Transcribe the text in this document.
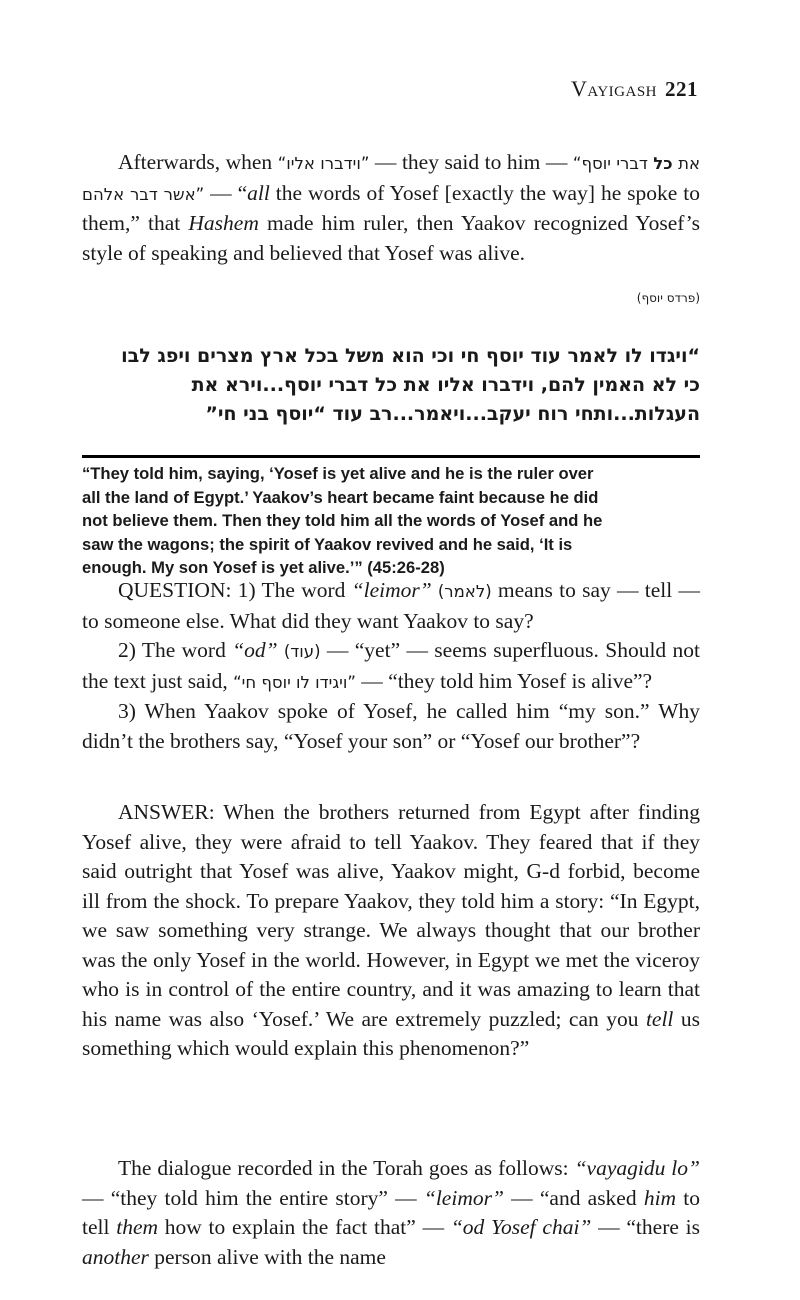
Vayigash 221

Afterwards, when “וידברו אליו” — they said to him — “את כל דברי יוסף אשר דבר אלהם” — “all the words of Yosef [exactly the way] he spoke to them,” that Hashem made him ruler, then Yaakov recognized Yosef’s style of speaking and believed that Yosef was alive.

(פרדס יוסף)
“ויגדו לו לאמר עוד יוסף חי וכי הוא משל בכל ארץ מצרים ויפג לבו
כי לא האמין להם, וידברו אליו את כל דברי יוסף...וירא את
העגלות...ותחי רוח יעקב...ויאמר...רב עוד “יוסף בני חי”
“They told him, saying, ‘Yosef is yet alive and he is the ruler over
all the land of Egypt.’ Yaakov’s heart became faint because he did
not believe them. Then they told him all the words of Yosef and he
saw the wagons; the spirit of Yaakov revived and he said, ‘It is
enough. My son Yosef is yet alive.’” (45:26-28)

QUESTION: 1) The word “leimor” (לאמר) means to say — tell — to someone else. What did they want Yaakov to say?

2) The word “od” (עוד) — “yet” — seems superfluous. Should not the text just said, “ויגידו לו יוסף חי” — “they told him Yosef is alive”?

3) When Yaakov spoke of Yosef, he called him “my son.” Why didn’t the brothers say, “Yosef your son” or “Yosef our brother”?

ANSWER: When the brothers returned from Egypt after finding Yosef alive, they were afraid to tell Yaakov. They feared that if they said outright that Yosef was alive, Yaakov might, G-d forbid, become ill from the shock. To prepare Yaakov, they told him a story: “In Egypt, we saw something very strange. We always thought that our brother was the only Yosef in the world. However, in Egypt we met the viceroy who is in control of the entire country, and it was amazing to learn that his name was also ‘Yosef.’ We are extremely puzzled; can you tell us something which would explain this phenomenon?”

The dialogue recorded in the Torah goes as follows: “vayagidu lo” — “they told him the entire story” — “leimor” — “and asked him to tell them how to explain the fact that” — “od Yosef chai” — “there is another person alive with the name
